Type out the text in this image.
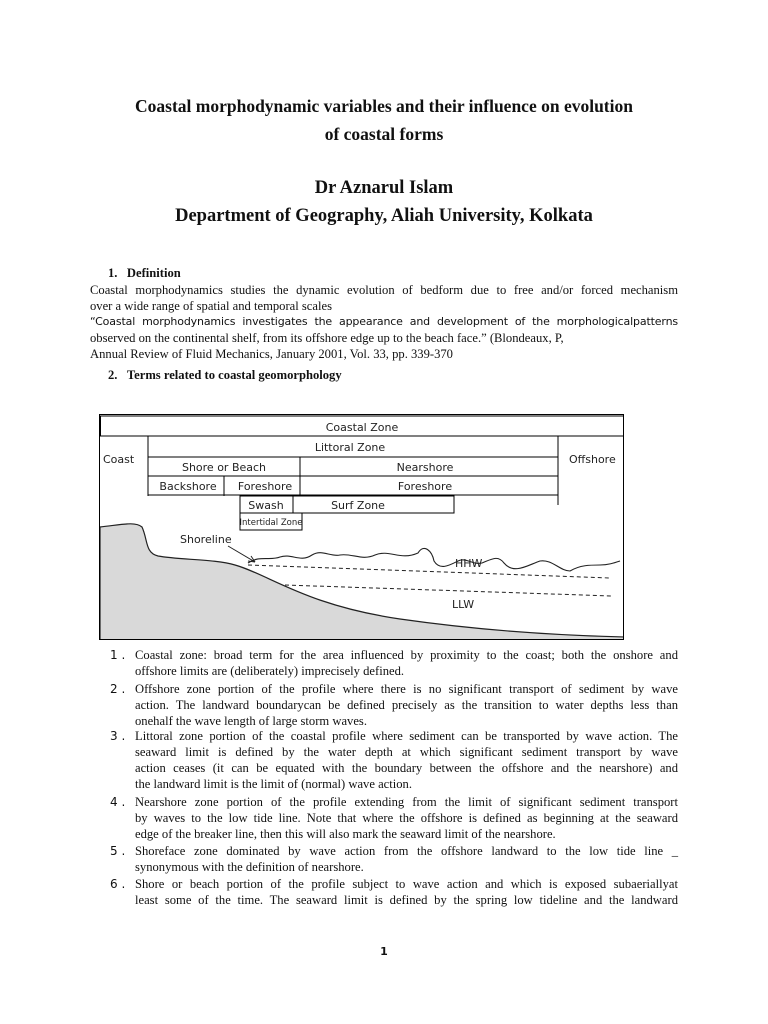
Coastal morphodynamic variables and their influence on evolution
of coastal forms
Dr Aznarul Islam
Department of Geography, Aliah University, Kolkata
1.   Definition
Coastal morphodynamics studies the dynamic evolution of bedform due to free and/or forced mechanism
over a wide range of spatial and temporal scales
“Coastal morphodynamics investigates the appearance and development of the morphologicalpatterns
observed on the continental shelf, from its offshore edge up to the beach face.” (Blondeaux, P,
Annual Review of Fluid Mechanics, January 2001, Vol. 33, pp. 339-370
2.   Terms related to coastal geomorphology
Coastal Zone
Littoral Zone
Coast	Offshore
Shore or Beach	Nearshore
Backshore Foreshore	Foreshore
Swash	Surf Zone
Intertidal Zone
Shoreline
HHW
LLW
1 . Coastal zone: broad term for the area influenced by proximity to the coast; both the onshore and
offshore limits are (deliberately) imprecisely defined.
2 . Offshore zone portion of the profile where there is no significant transport of sediment by wave
action. The landward boundarycan be defined precisely as the transition to water depths less than
onehalf the wave length of large storm waves.
3 . Littoral zone portion of the coastal profile where sediment can be transported by wave action. The
seaward limit is defined by the water depth at which significant sediment transport by wave
action ceases (it can be equated with the boundary between the offshore and the nearshore) and
the landward limit is the limit of (normal) wave action.
4 . Nearshore zone portion of the profile extending from the limit of significant sediment transport
by waves to the low tide line. Note that where the offshore is defined as beginning at the seaward
edge of the breaker line, then this will also mark the seaward limit of the nearshore.
5 . Shoreface zone dominated by wave action from the offshore landward to the low tide line _
synonymous with the definition of nearshore.
6 . Shore or beach portion of the profile subject to wave action and which is exposed subaeriallyat
least some of the time. The seaward limit is defined by the spring low tideline and the landward
1
